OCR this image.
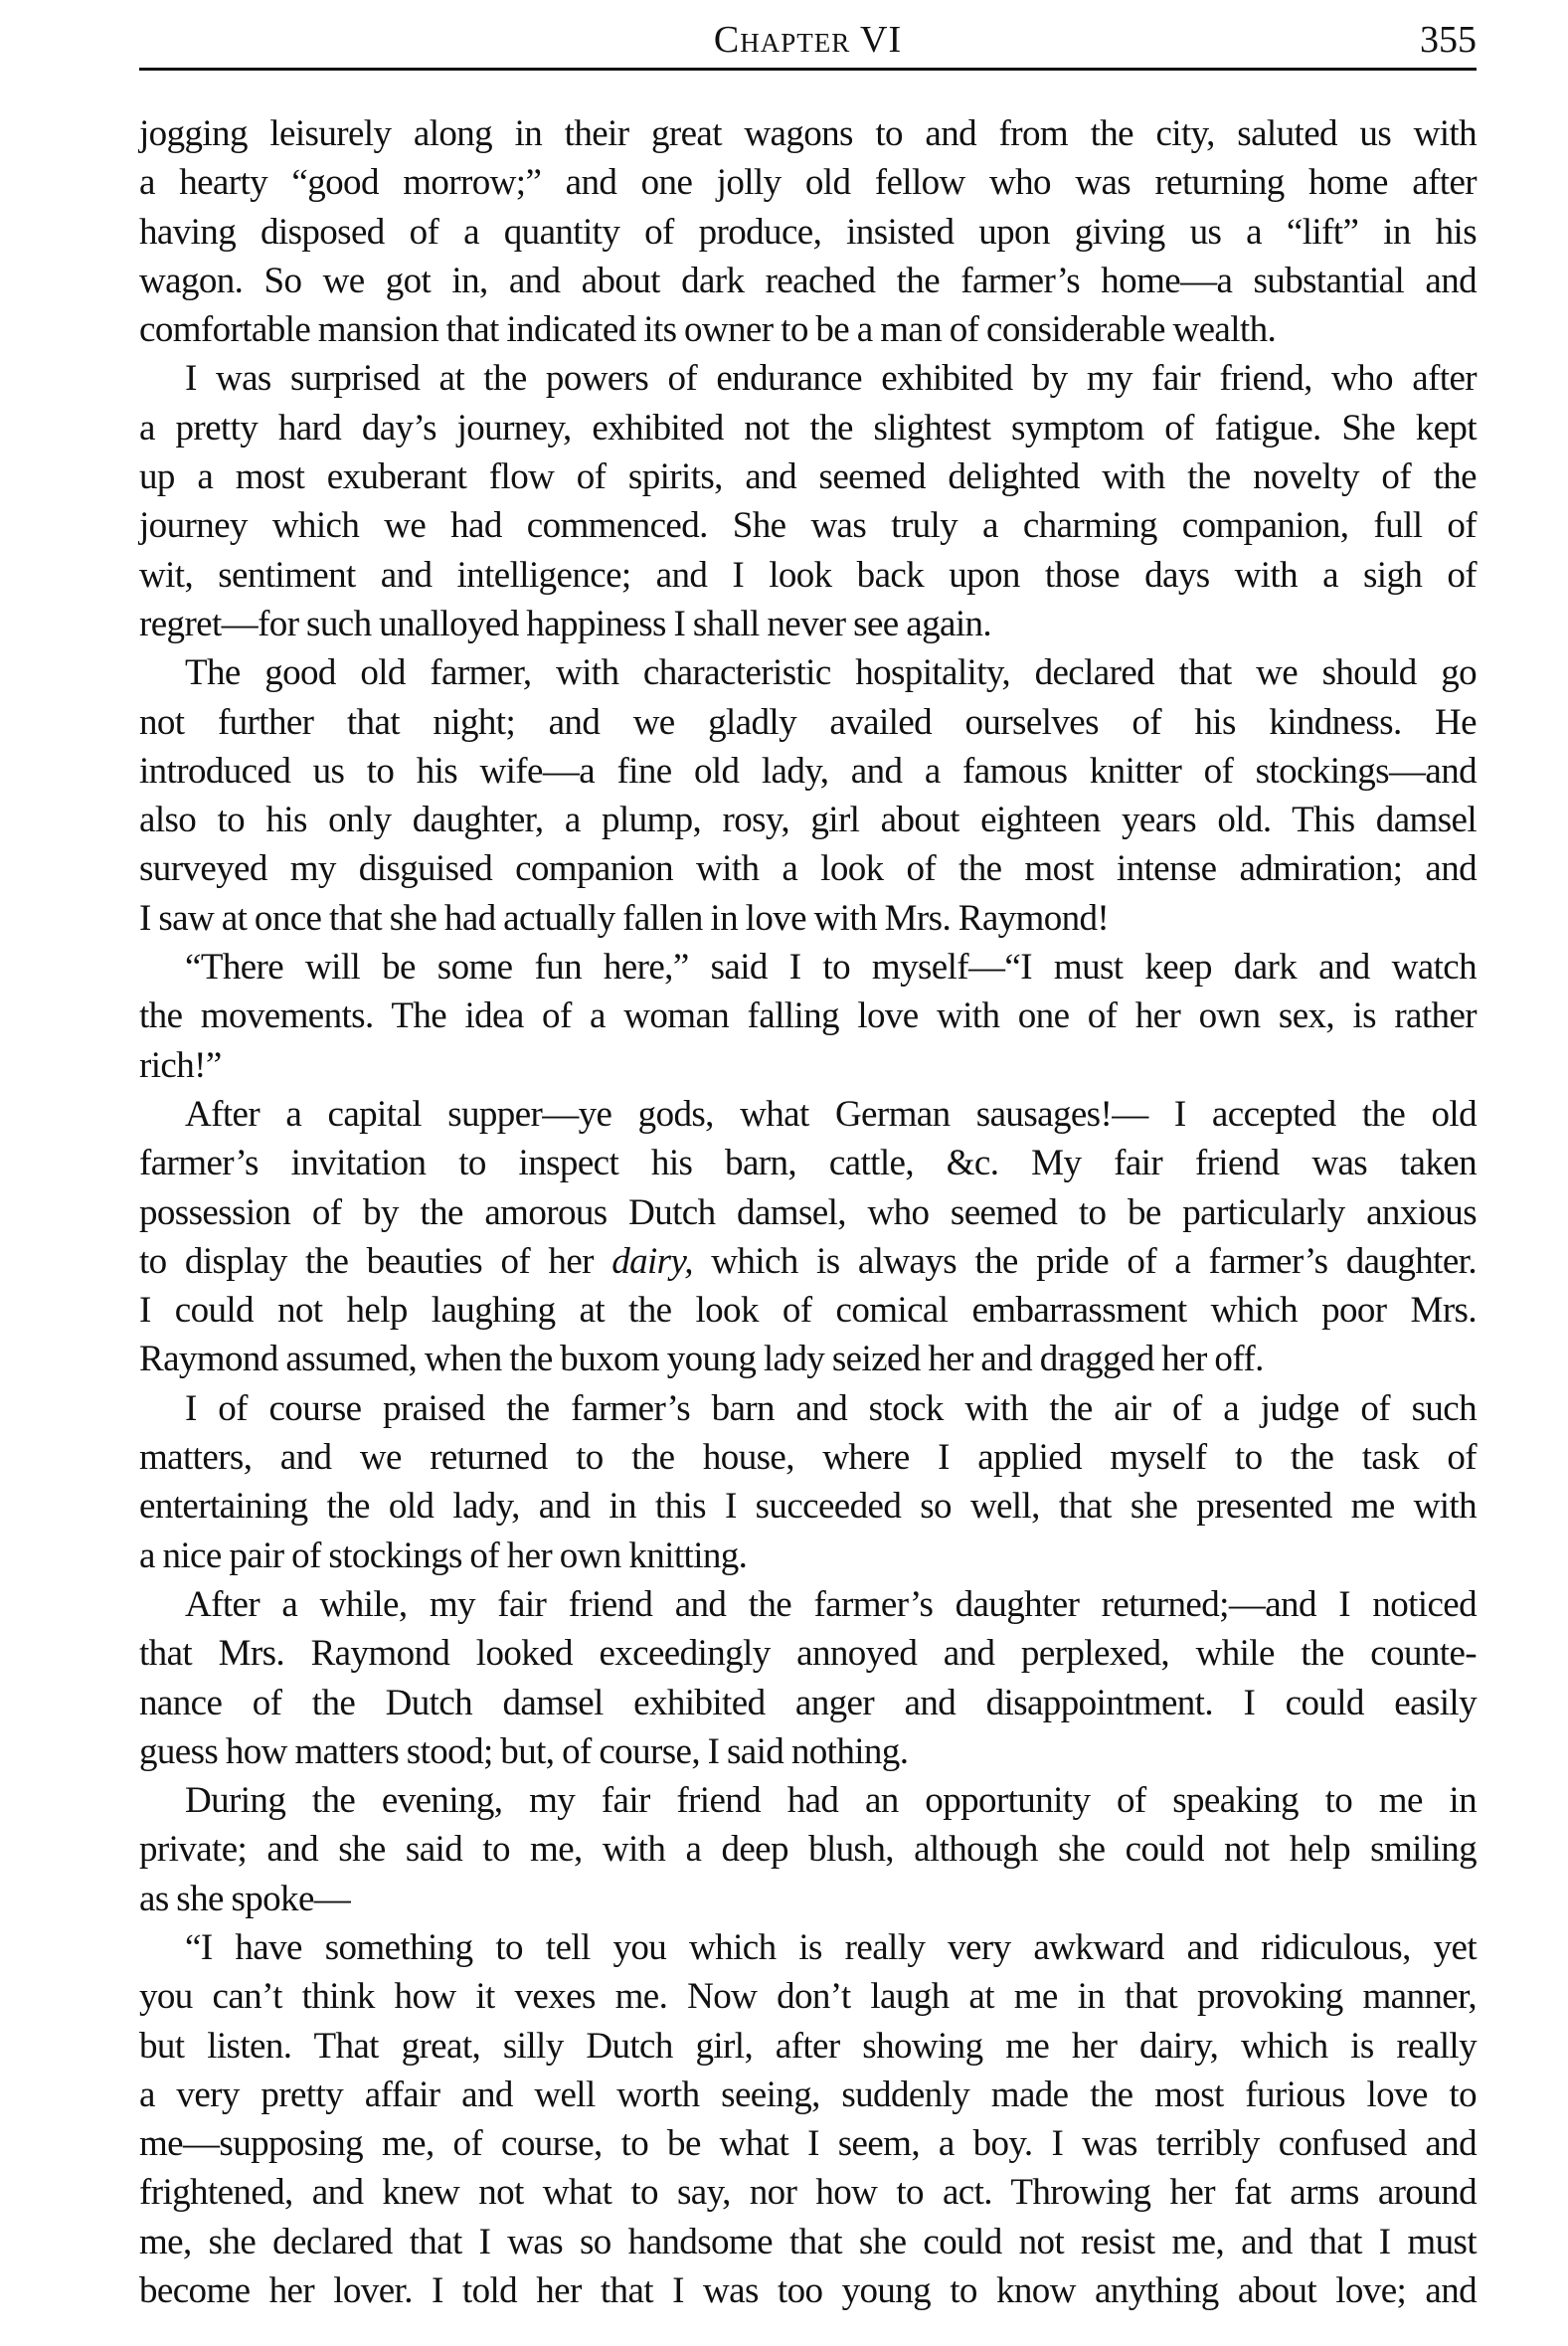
Chapter VI	355
jogging leisurely along in their great wagons to and from the city, saluted us with
a hearty “good morrow;” and one jolly old fellow who was returning home after
having disposed of a quantity of produce, insisted upon giving us a “lift” in his
wagon. So we got in, and about dark reached the farmer’s home—a substantial and
comfortable mansion that indicated its owner to be a man of considerable wealth.
I was surprised at the powers of endurance exhibited by my fair friend, who after
a pretty hard day’s journey, exhibited not the slightest symptom of fatigue. She kept
up a most exuberant flow of spirits, and seemed delighted with the novelty of the
journey which we had commenced. She was truly a charming companion, full of
wit, sentiment and intelligence; and I look back upon those days with a sigh of
regret—for such unalloyed happiness I shall never see again.
The good old farmer, with characteristic hospitality, declared that we should go
not further that night; and we gladly availed ourselves of his kindness. He
introduced us to his wife—a fine old lady, and a famous knitter of stockings—and
also to his only daughter, a plump, rosy, girl about eighteen years old. This damsel
surveyed my disguised companion with a look of the most intense admiration; and
I saw at once that she had actually fallen in love with Mrs. Raymond!
“There will be some fun here,” said I to myself—“I must keep dark and watch
the movements. The idea of a woman falling love with one of her own sex, is rather
rich!”
After a capital supper—ye gods, what German sausages!— I accepted the old
farmer’s invitation to inspect his barn, cattle, &c. My fair friend was taken
possession of by the amorous Dutch damsel, who seemed to be particularly anxious
to display the beauties of her dairy, which is always the pride of a farmer’s daughter.
I could not help laughing at the look of comical embarrassment which poor Mrs.
Raymond assumed, when the buxom young lady seized her and dragged her off.
I of course praised the farmer’s barn and stock with the air of a judge of such
matters, and we returned to the house, where I applied myself to the task of
entertaining the old lady, and in this I succeeded so well, that she presented me with
a nice pair of stockings of her own knitting.
After a while, my fair friend and the farmer’s daughter returned;—and I noticed
that Mrs. Raymond looked exceedingly annoyed and perplexed, while the counte-
nance of the Dutch damsel exhibited anger and disappointment. I could easily
guess how matters stood; but, of course, I said nothing.
During the evening, my fair friend had an opportunity of speaking to me in
private; and she said to me, with a deep blush, although she could not help smiling
as she spoke—
“I have something to tell you which is really very awkward and ridiculous, yet
you can’t think how it vexes me. Now don’t laugh at me in that provoking manner,
but listen. That great, silly Dutch girl, after showing me her dairy, which is really
a very pretty affair and well worth seeing, suddenly made the most furious love to
me—supposing me, of course, to be what I seem, a boy. I was terribly confused and
frightened, and knew not what to say, nor how to act. Throwing her fat arms around
me, she declared that I was so handsome that she could not resist me, and that I must
become her lover. I told her that I was too young to know anything about love; and
